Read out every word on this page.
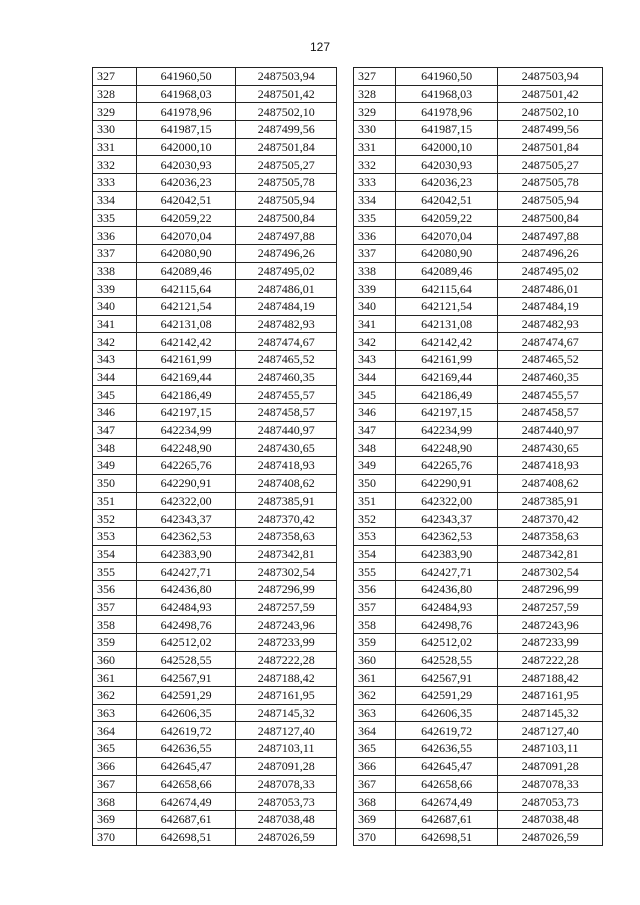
127
327	641960,50	2487503,94
328	641968,03	2487501,42
329	641978,96	2487502,10
330	641987,15	2487499,56
331	642000,10	2487501,84
332	642030,93	2487505,27
333	642036,23	2487505,78
334	642042,51	2487505,94
335	642059,22	2487500,84
336	642070,04	2487497,88
337	642080,90	2487496,26
338	642089,46	2487495,02
339	642115,64	2487486,01
340	642121,54	2487484,19
341	642131,08	2487482,93
342	642142,42	2487474,67
343	642161,99	2487465,52
344	642169,44	2487460,35
345	642186,49	2487455,57
346	642197,15	2487458,57
347	642234,99	2487440,97
348	642248,90	2487430,65
349	642265,76	2487418,93
350	642290,91	2487408,62
351	642322,00	2487385,91
352	642343,37	2487370,42
353	642362,53	2487358,63
354	642383,90	2487342,81
355	642427,71	2487302,54
356	642436,80	2487296,99
357	642484,93	2487257,59
358	642498,76	2487243,96
359	642512,02	2487233,99
360	642528,55	2487222,28
361	642567,91	2487188,42
362	642591,29	2487161,95
363	642606,35	2487145,32
364	642619,72	2487127,40
365	642636,55	2487103,11
366	642645,47	2487091,28
367	642658,66	2487078,33
368	642674,49	2487053,73
369	642687,61	2487038,48
370	642698,51	2487026,59
327	641960,50	2487503,94
328	641968,03	2487501,42
329	641978,96	2487502,10
330	641987,15	2487499,56
331	642000,10	2487501,84
332	642030,93	2487505,27
333	642036,23	2487505,78
334	642042,51	2487505,94
335	642059,22	2487500,84
336	642070,04	2487497,88
337	642080,90	2487496,26
338	642089,46	2487495,02
339	642115,64	2487486,01
340	642121,54	2487484,19
341	642131,08	2487482,93
342	642142,42	2487474,67
343	642161,99	2487465,52
344	642169,44	2487460,35
345	642186,49	2487455,57
346	642197,15	2487458,57
347	642234,99	2487440,97
348	642248,90	2487430,65
349	642265,76	2487418,93
350	642290,91	2487408,62
351	642322,00	2487385,91
352	642343,37	2487370,42
353	642362,53	2487358,63
354	642383,90	2487342,81
355	642427,71	2487302,54
356	642436,80	2487296,99
357	642484,93	2487257,59
358	642498,76	2487243,96
359	642512,02	2487233,99
360	642528,55	2487222,28
361	642567,91	2487188,42
362	642591,29	2487161,95
363	642606,35	2487145,32
364	642619,72	2487127,40
365	642636,55	2487103,11
366	642645,47	2487091,28
367	642658,66	2487078,33
368	642674,49	2487053,73
369	642687,61	2487038,48
370	642698,51	2487026,59
